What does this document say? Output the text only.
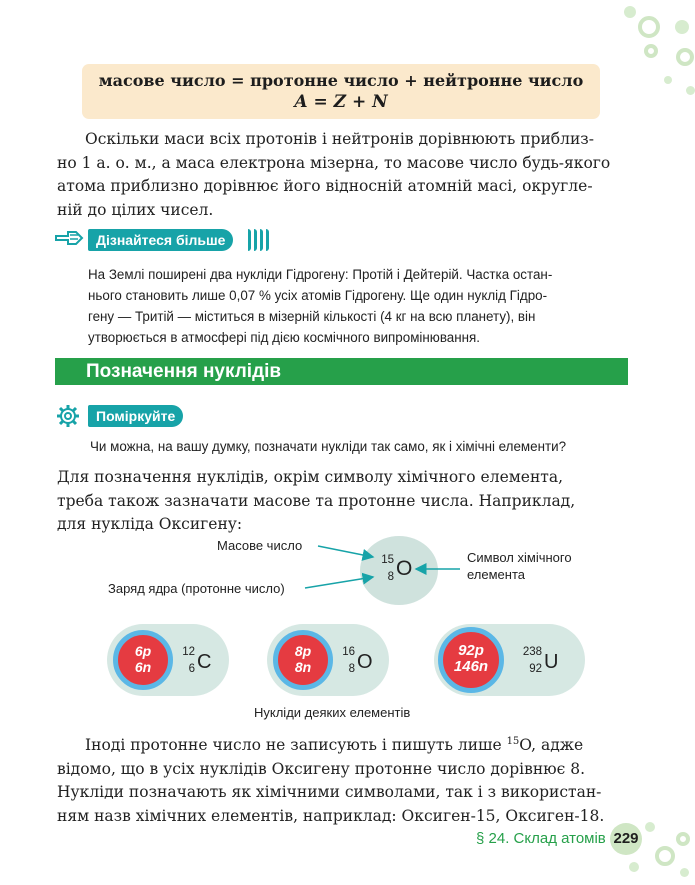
масове число = протонне число + нейтронне число
A = Z + N
Оскільки маси всіх протонів і нейтронів дорівнюють приблиз-
но 1 а. о. м., а маса електрона мізерна, то масове число будь-якого
атома приблизно дорівнює його відносній атомній масі, округле-
ній до цілих чисел.
Дізнайтеся більше
На Землі поширені два нукліди Гідрогену: Протій і Дейтерій. Частка остан-
нього становить лише 0,07 % усіх атомів Гідрогену. Ще один нуклід Гідро-
гену — Тритій — міститься в мізерній кількості (4 кг на всю планету), він
утворюється в атмосфері під дією космічного випромінювання.
Позначення нуклідів
Поміркуйте
Чи можна, на вашу думку, позначати нукліди так само, як і хімічні елементи?
Для позначення нуклідів, окрім символу хімічного елемента,
треба також зазначати масове та протонне числа. Наприклад,
для нукліда Оксигену:
15
8 O
Масове число
Заряд ядра (протонне число)
Символ хімічного
елемента
6p
6n
12
6 C	8p
8n
16
8 O
92p
146n
238
92 U
Нукліди деяких елементів
Іноді протонне число не записують і пишуть лише $^{15}$O, адже
відомо, що в усіх нуклідів Оксигену протонне число дорівнює 8.
Нукліди позначають як хімічними символами, так і з використан-
ням назв хімічних елементів, наприклад: Оксиген-15, Оксиген-18.
§ 24. Склад атомів 229
